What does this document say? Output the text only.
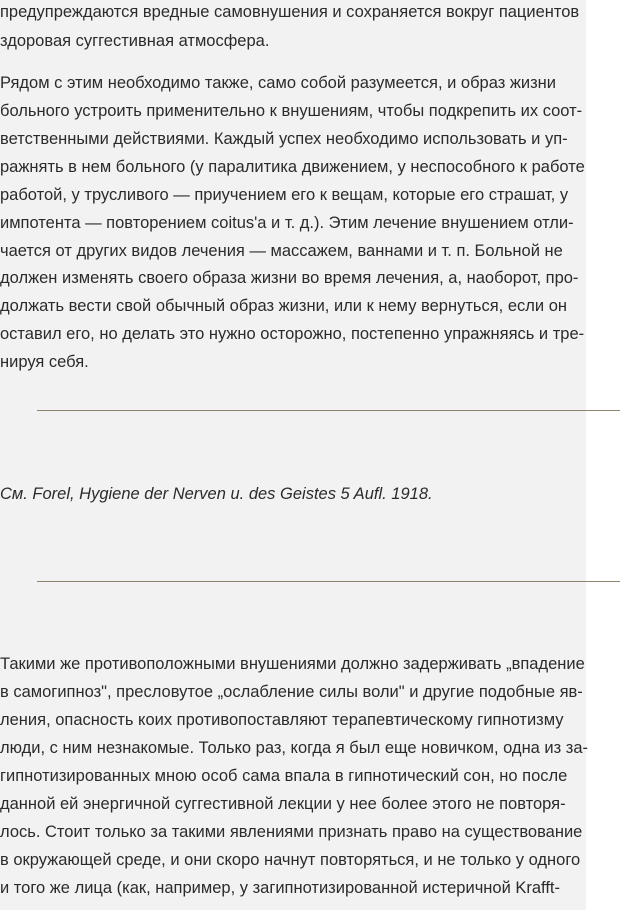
предупреждаются вредные самовнушения и сохраняется вокруг пациентов

здоровая суггестивная атмосфера.

Рядом с этим необходимо также, само собой разумеется, и образ жизни

больного устроить применительно к внушениям, чтобы подкрепить их соот-

ветственными действиями. Каждый успех необходимо использовать и уп-

ражнять в нем больного (у паралитика движением, у неспособного к работе

работой, у трусливого — приучением его к вещам, которые его страшат, у

импотента — повторением coitus'a и т. д.). Этим лечение внушением отли-

чается от других видов лечения — массажем, ваннами и т. п. Больной не

должен изменять своего образа жизни во время лечения, а, наоборот, про-

должать вести свой обычный образ жизни, или к нему вернуться, если он

оставил его, но делать это нужно осторожно, постепенно упражняясь и тре-

нируя себя.

См. Forel, Hygiene der Nerven u. des Geistes 5 Aufl. 1918.

Такими же противоположными внушениями должно задерживать „впадение

в самогипноз", пресловутое „ослабление силы воли" и другие подобные яв-

ления, опасность коих противопоставляют терапевтическому гипнотизму

люди, с ним незнакомые. Только раз, когда я был еще новичком, одна из за-

гипнотизированных мною особ сама впала в гипнотический сон, но после

данной ей энергичной суггестивной лекции у нее более этого не повторя-

лось. Стоит только за такими явлениями признать право на существование

в окружающей среде, и они скоро начнут повторяться, и не только у одного

и того же лица (как, например, у загипнотизированной истеричной Krafft-
